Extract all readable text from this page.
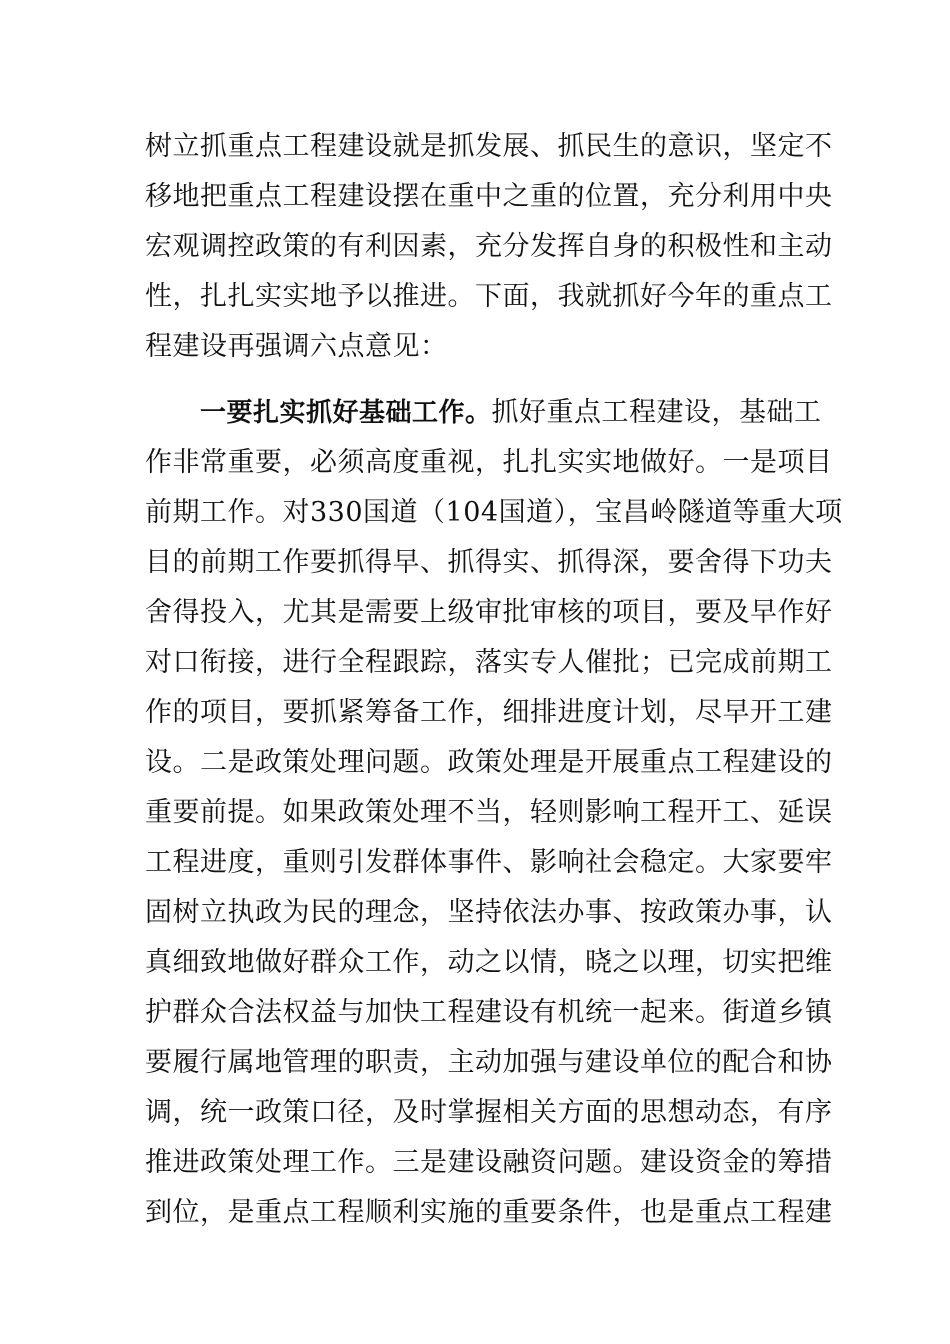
树立抓重点工程建设就是抓发展、抓民生的意识，坚定不
移地把重点工程建设摆在重中之重的位置，充分利用中央
宏观调控政策的有利因素，充分发挥自身的积极性和主动
性，扎扎实实地予以推进。下面，我就抓好今年的重点工
程建设再强调六点意见：
一要扎实抓好基础工作。抓好重点工程建设，基础工
作非常重要，必须高度重视，扎扎实实地做好。一是项目
前期工作。对330国道（104国道），宝昌岭隧道等重大项
目的前期工作要抓得早、抓得实、抓得深，要舍得下功夫
舍得投入，尤其是需要上级审批审核的项目，要及早作好
对口衔接，进行全程跟踪，落实专人催批；已完成前期工
作的项目，要抓紧筹备工作，细排进度计划，尽早开工建
设。二是政策处理问题。政策处理是开展重点工程建设的
重要前提。如果政策处理不当，轻则影响工程开工、延误
工程进度，重则引发群体事件、影响社会稳定。大家要牢
固树立执政为民的理念，坚持依法办事、按政策办事，认
真细致地做好群众工作，动之以情，晓之以理，切实把维
护群众合法权益与加快工程建设有机统一起来。街道乡镇
要履行属地管理的职责，主动加强与建设单位的配合和协
调，统一政策口径，及时掌握相关方面的思想动态，有序
推进政策处理工作。三是建设融资问题。建设资金的筹措
到位，是重点工程顺利实施的重要条件，也是重点工程建
